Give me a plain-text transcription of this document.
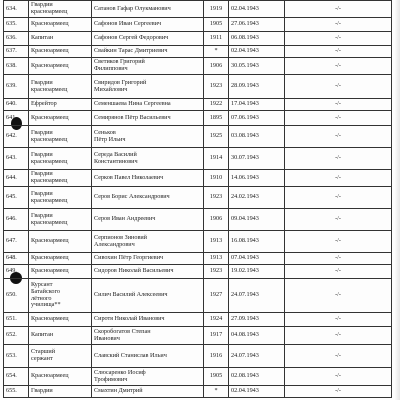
634.	Гвардии
красноармеец	Сатанов Гафар Олукманович	1919	02.04.1943	-/-
635.	Красноармеец	Сафонов Иван Сергеевич	1905	27.06.1943	-/-
636.	Капитан	Сафонов Сергей Федорович	1911	06.08.1943	-/-
637.	Красноармеец	Свайкин Тарас Дмитриевич	*	02.04.1943	-/-
638.	Красноармеец	Светиков Григорий
Филиппович	1906	30.05.1943	-/-
639.	Гвардии
красноармеец	Свиридов Григорий
Михайлович	1923	28.09.1943	-/-
640.	Ефрейтор	Семеншаева Нина Сергеевна	1922	17.04.1943	-/-
641.	Красноармеец	Семирянов Пётр Васильевич	1895	07.06.1943	-/-
642.	Гвардии
красноармеец	Сеньков
Пётр Ильич	1925	03.08.1943	-/-
643.	Гвардии
красноармеец	Середа Василий
Константинович	1914	30.07.1943	-/-
644.	Гвардии
красноармеец	Серков Павел Николаевич	1910	14.06.1943	-/-
645.	Гвардии
красноармеец	Серов Борис Александрович	1923	24.02.1943	-/-
646.	Гвардии
красноармеец	Серов Иван Андреевич	1906	09.04.1943	-/-
647.	Красноармеец	Серпионов Зиновий
Александрович	1913	16.08.1943	-/-
648.	Красноармеец	Сивохин Пётр Георгиевич	1913	07.04.1943	-/-
649.	Красноармеец	Сидоров Николай Васильевич	1923	19.02.1943	-/-
650.	Курсант
Батайского
лётного
училища**	Силич Василий Алексеевич	1927	24.07.1943	-/-
651.	Красноармеец	Сиротя Николай Иванович	1924	27.09.1943	-/-
652.	Капитан	Скоробогатов Степан
Иванович	1917	04.08.1943	-/-
653.	Старший
сержант	Славский Станислав Ильич	1916	24.07.1943	-/-
654.	Красноармеец	Слюсаренко Иосиф
Трофимович	1905	02.08.1943	-/-
655.	Гвардии	Смахтин Дмитрий	*	02.04.1943	-/-
